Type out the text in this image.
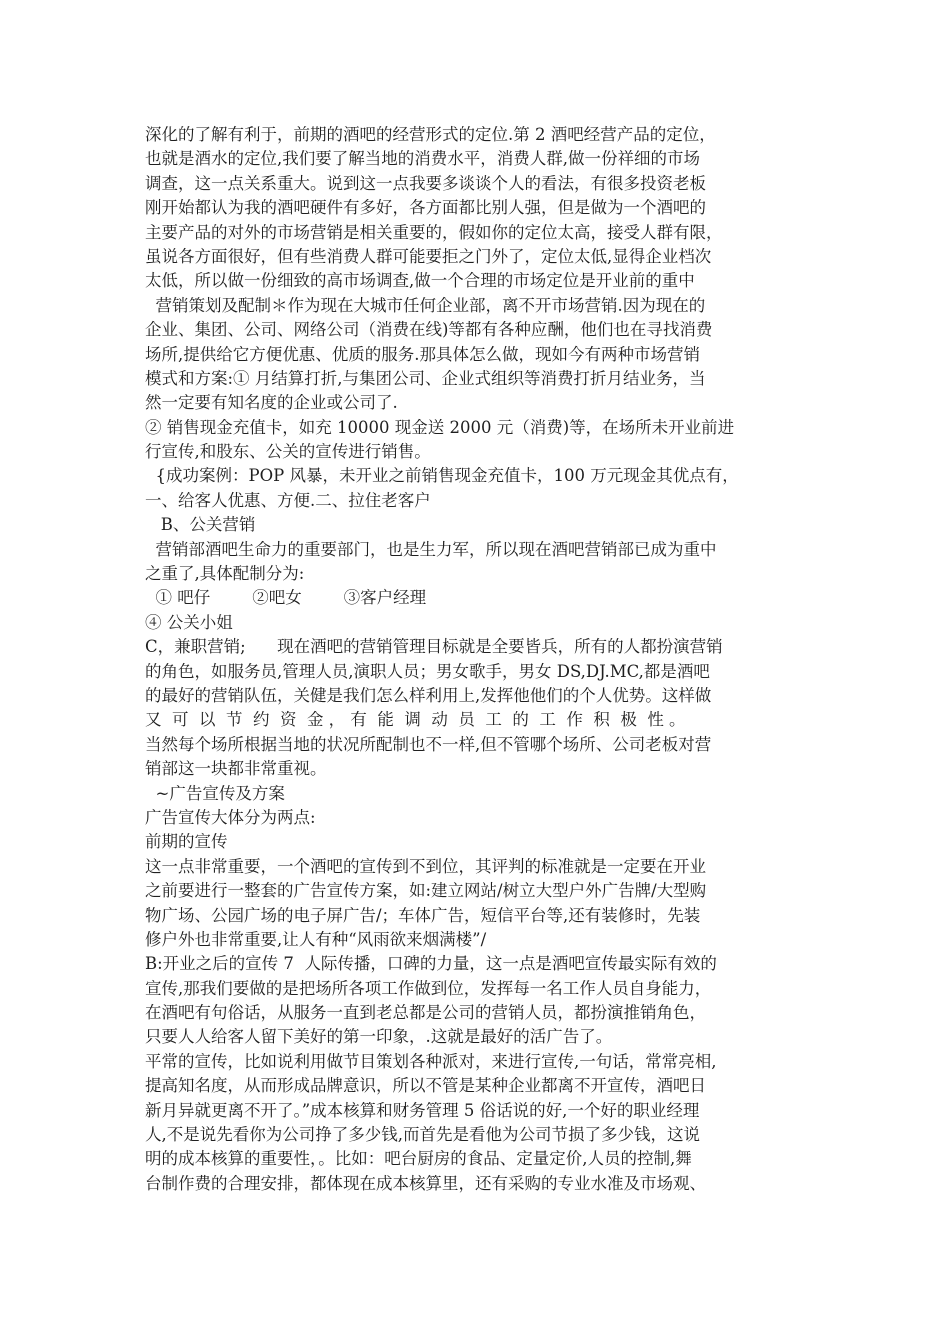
深化的了解有利于，前期的酒吧的经营形式的定位.第 2 酒吧经营产品的定位，
也就是酒水的定位,我们要了解当地的消费水平，消费人群,做一份祥细的市场
调查，这一点关系重大。说到这一点我要多谈谈个人的看法，有很多投资老板
刚开始都认为我的酒吧硬件有多好，各方面都比别人强，但是做为一个酒吧的
主要产品的对外的市场营销是相关重要的，假如你的定位太高，接受人群有限，
虽说各方面很好，但有些消费人群可能要拒之门外了，定位太低,显得企业档次
太低，所以做一份细致的高市场调查,做一个合理的市场定位是开业前的重中
营销策划及配制＊作为现在大城市任何企业部，离不开市场营销.因为现在的
企业、集团、公司、网络公司（消费在线)等都有各种应酬，他们也在寻找消费
场所,提供给它方便优惠、优质的服务.那具体怎么做，现如今有两种市场营销
模式和方案:① 月结算打折,与集团公司、企业式组织等消费打折月结业务，当
然一定要有知名度的企业或公司了.
② 销售现金充值卡，如充 10000 现金送 2000 元（消费)等，在场所未开业前进
行宣传,和股东、公关的宣传进行销售。
{成功案例：POP 风暴，未开业之前销售现金充值卡，100 万元现金其优点有，
一、给客人优惠、方便.二、拉住老客户
B、公关营销
营销部酒吧生命力的重要部门，也是生力军，所以现在酒吧营销部已成为重中
之重了,具体配制分为:
① 吧仔        ②吧女        ③客户经理
④ 公关小姐
C，兼职营销;      现在酒吧的营销管理目标就是全要皆兵，所有的人都扮演营销
的角色，如服务员,管理人员,演职人员；男女歌手，男女 DS,DJ.MC,都是酒吧
的最好的营销队伍，关健是我们怎么样利用上,发挥他他们的个人优势。这样做
又  可  以  节  约  资  金 ， 有  能  调  动  员  工  的  工  作  积  极  性 。
当然每个场所根据当地的状况所配制也不一样,但不管哪个场所、公司老板对营
销部这一块都非常重视。
~广告宣传及方案
广告宣传大体分为两点:
前期的宣传
这一点非常重要，一个酒吧的宣传到不到位，其评判的标准就是一定要在开业
之前要进行一整套的广告宣传方案，如:建立网站/树立大型户外广告牌/大型购
物广场、公园广场的电子屏广告/；车体广告，短信平台等,还有装修时，先装
修户外也非常重要,让人有种“风雨欲来烟满楼”/
B:开业之后的宣传 7  人际传播，口碑的力量，这一点是酒吧宣传最实际有效的
宣传,那我们要做的是把场所各项工作做到位，发挥每一名工作人员自身能力，
在酒吧有句俗话，从服务一直到老总都是公司的营销人员，都扮演推销角色，
只要人人给客人留下美好的第一印象，.这就是最好的活广告了。
平常的宣传，比如说利用做节目策划各种派对，来进行宣传,一句话，常常亮相,
提高知名度，从而形成品牌意识，所以不管是某种企业都离不开宣传，酒吧日
新月异就更离不开了。”成本核算和财务管理 5 俗话说的好,一个好的职业经理
人,不是说先看你为公司挣了多少钱,而首先是看他为公司节损了多少钱，这说
明的成本核算的重要性，。比如：吧台厨房的食品、定量定价,人员的控制,舞
台制作费的合理安排，都体现在成本核算里，还有采购的专业水准及市场观、
